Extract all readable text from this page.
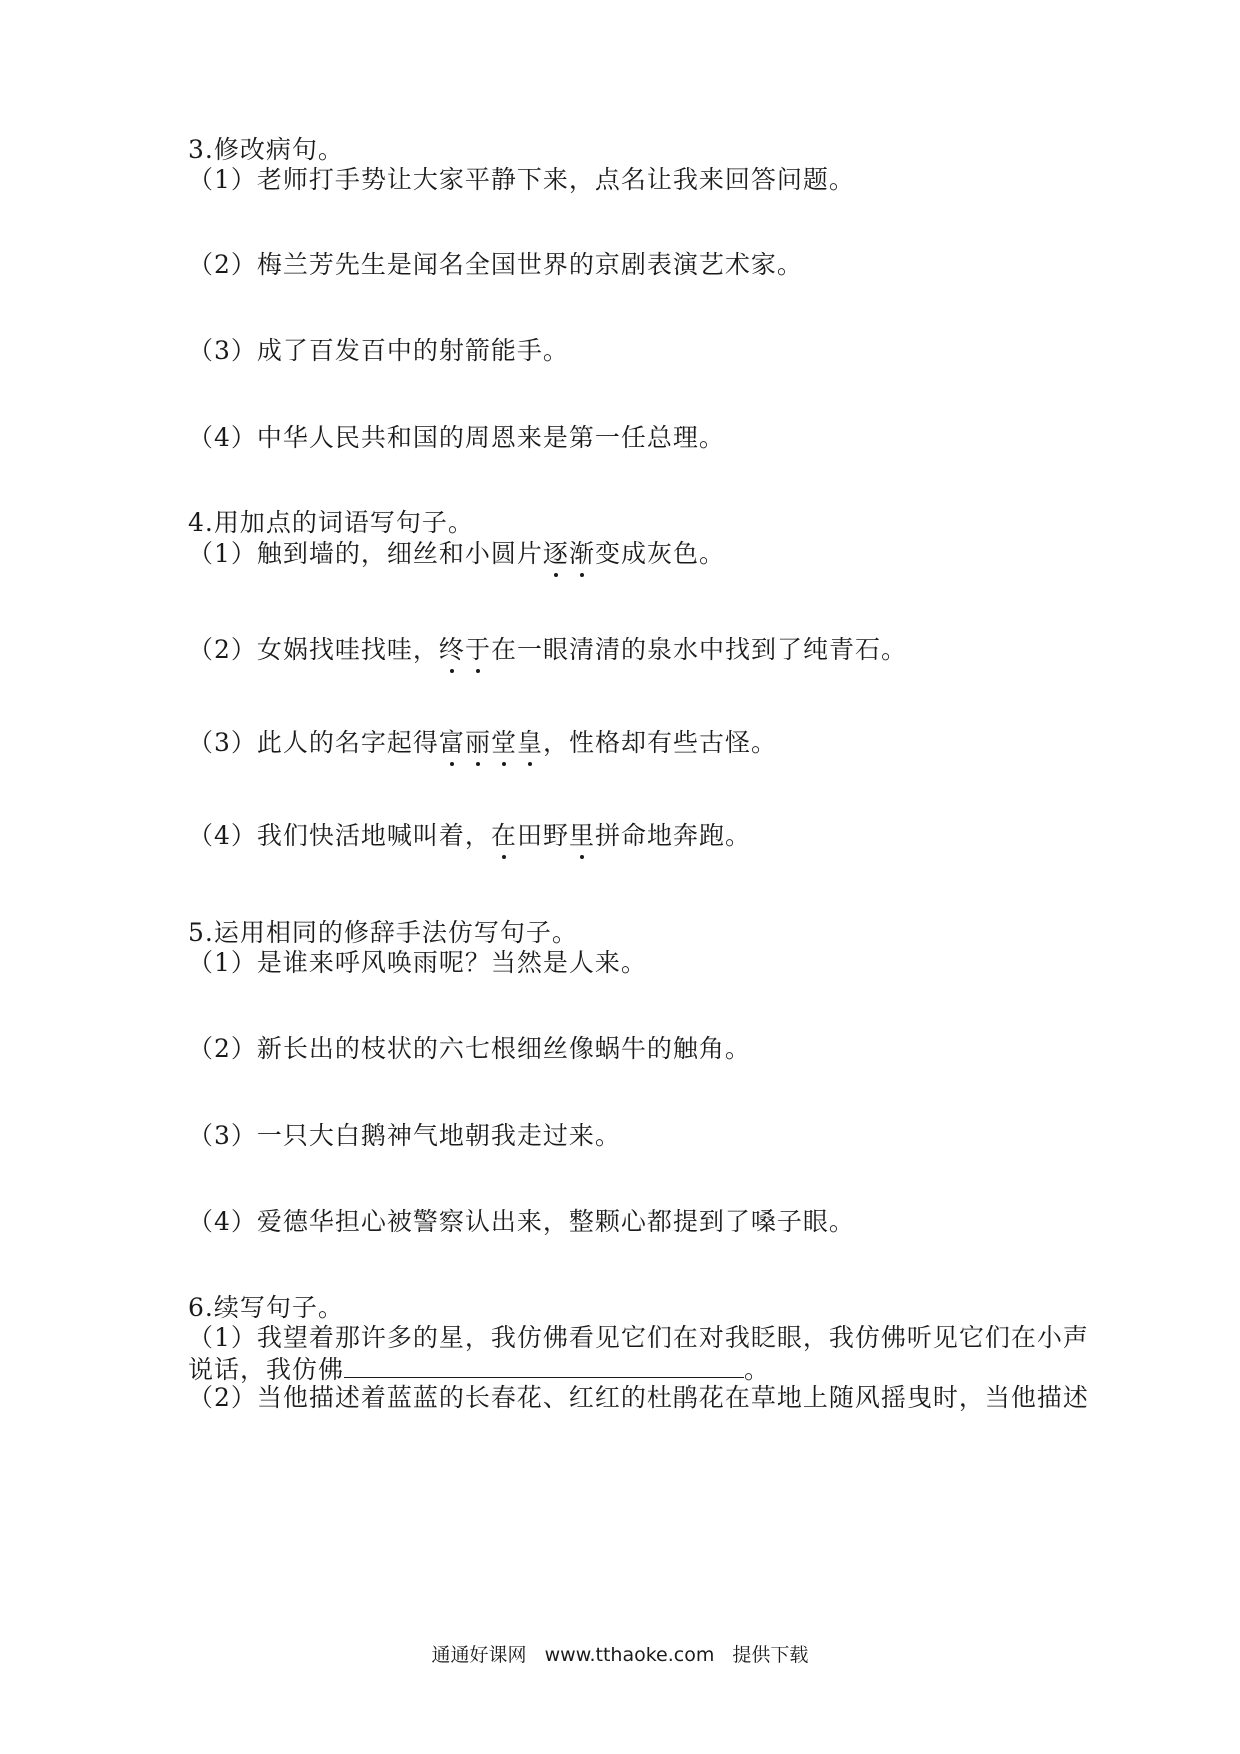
3.修改病句。
（1）老师打手势让大家平静下来，点名让我来回答问题。
（2）梅兰芳先生是闻名全国世界的京剧表演艺术家。
（3）成了百发百中的射箭能手。
（4）中华人民共和国的周恩来是第一任总理。
4.用加点的词语写句子。
（1）触到墙的，细丝和小圆片逐渐变成灰色。
（2）女娲找哇找哇，终于在一眼清清的泉水中找到了纯青石。
（3）此人的名字起得富丽堂皇，性格却有些古怪。
（4）我们快活地喊叫着，在田野里拼命地奔跑。
5.运用相同的修辞手法仿写句子。
（1）是谁来呼风唤雨呢？当然是人来。
（2）新长出的枝状的六七根细丝像蜗牛的触角。
（3）一只大白鹅神气地朝我走过来。
（4）爱德华担心被警察认出来，整颗心都提到了嗓子眼。
6.续写句子。
（1）我望着那许多的星，我仿佛看见它们在对我眨眼，我仿佛听见它们在小声
说话，我仿佛	。
（2）当他描述着蓝蓝的长春花、红红的杜鹃花在草地上随风摇曳时，当他描述
通通好课网 www.tthaoke.com 提供下载
